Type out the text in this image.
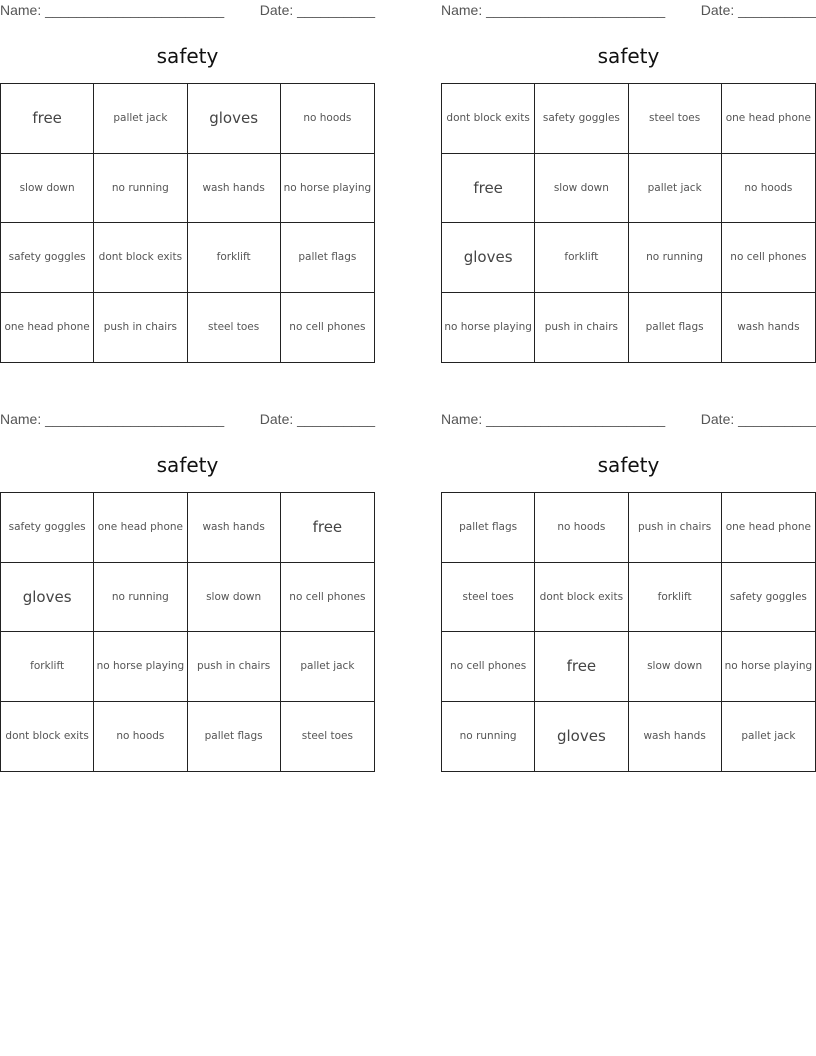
Name: _______________________	Date: __________
safety
free	pallet jack	gloves	no hoods
slow down	no running	wash hands	no horse playing
safety goggles	dont block exits	forklift	pallet flags
one head phone	push in chairs	steel toes	no cell phones
Name: _______________________	Date: __________
safety
dont block exits	safety goggles	steel toes	one head phone
free	slow down	pallet jack	no hoods
gloves	forklift	no running	no cell phones
no horse playing	push in chairs	pallet flags	wash hands
Name: _______________________	Date: __________
safety
safety goggles	one head phone	wash hands	free
gloves	no running	slow down	no cell phones
forklift	no horse playing	push in chairs	pallet jack
dont block exits	no hoods	pallet flags	steel toes
Name: _______________________	Date: __________
safety
pallet flags	no hoods	push in chairs	one head phone
steel toes	dont block exits	forklift	safety goggles
no cell phones	free	slow down	no horse playing
no running	gloves	wash hands	pallet jack
